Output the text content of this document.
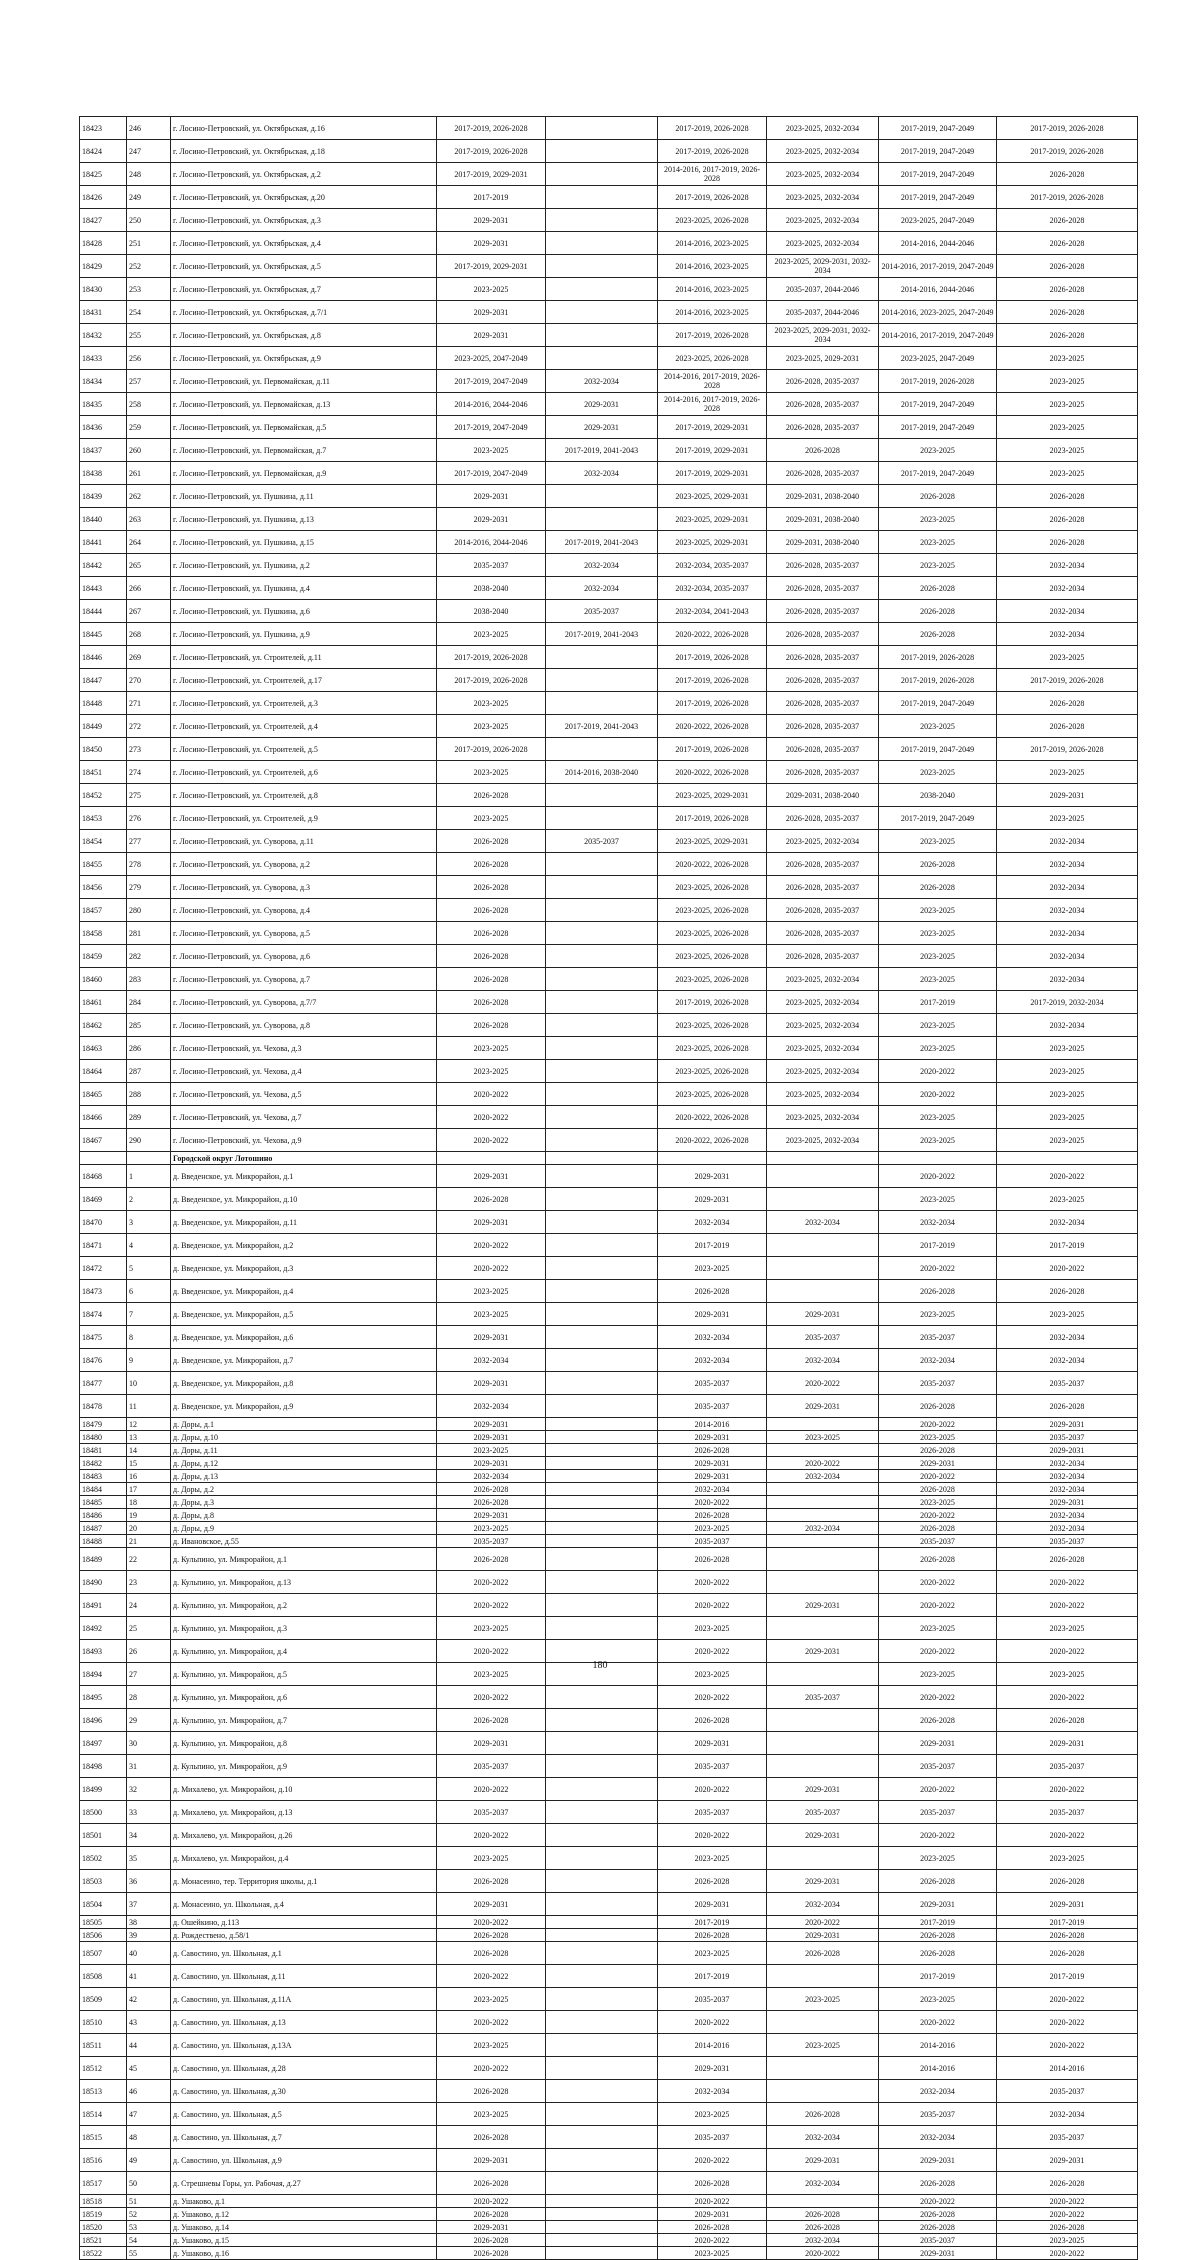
18423	246	г. Лосино-Петровский, ул. Октябрьская, д.16	2017-2019, 2026-2028		2017-2019, 2026-2028	2023-2025, 2032-2034	2017-2019, 2047-2049	2017-2019, 2026-2028
18424	247	г. Лосино-Петровский, ул. Октябрьская, д.18	2017-2019, 2026-2028		2017-2019, 2026-2028	2023-2025, 2032-2034	2017-2019, 2047-2049	2017-2019, 2026-2028
18425	248	г. Лосино-Петровский, ул. Октябрьская, д.2	2017-2019, 2029-2031		2014-2016, 2017-2019, 2026-2028	2023-2025, 2032-2034	2017-2019, 2047-2049	2026-2028
18426	249	г. Лосино-Петровский, ул. Октябрьская, д.20	2017-2019		2017-2019, 2026-2028	2023-2025, 2032-2034	2017-2019, 2047-2049	2017-2019, 2026-2028
18427	250	г. Лосино-Петровский, ул. Октябрьская, д.3	2029-2031		2023-2025, 2026-2028	2023-2025, 2032-2034	2023-2025, 2047-2049	2026-2028
18428	251	г. Лосино-Петровский, ул. Октябрьская, д.4	2029-2031		2014-2016, 2023-2025	2023-2025, 2032-2034	2014-2016, 2044-2046	2026-2028
18429	252	г. Лосино-Петровский, ул. Октябрьская, д.5	2017-2019, 2029-2031		2014-2016, 2023-2025	2023-2025, 2029-2031, 2032-2034	2014-2016, 2017-2019, 2047-2049	2026-2028
18430	253	г. Лосино-Петровский, ул. Октябрьская, д.7	2023-2025		2014-2016, 2023-2025	2035-2037, 2044-2046	2014-2016, 2044-2046	2026-2028
18431	254	г. Лосино-Петровский, ул. Октябрьская, д.7/1	2029-2031		2014-2016, 2023-2025	2035-2037, 2044-2046	2014-2016, 2023-2025, 2047-2049	2026-2028
18432	255	г. Лосино-Петровский, ул. Октябрьская, д.8	2029-2031		2017-2019, 2026-2028	2023-2025, 2029-2031, 2032-2034	2014-2016, 2017-2019, 2047-2049	2026-2028
18433	256	г. Лосино-Петровский, ул. Октябрьская, д.9	2023-2025, 2047-2049		2023-2025, 2026-2028	2023-2025, 2029-2031	2023-2025, 2047-2049	2023-2025
18434	257	г. Лосино-Петровский, ул. Первомайская, д.11	2017-2019, 2047-2049	2032-2034	2014-2016, 2017-2019, 2026-2028	2026-2028, 2035-2037	2017-2019, 2026-2028	2023-2025
18435	258	г. Лосино-Петровский, ул. Первомайская, д.13	2014-2016, 2044-2046	2029-2031	2014-2016, 2017-2019, 2026-2028	2026-2028, 2035-2037	2017-2019, 2047-2049	2023-2025
18436	259	г. Лосино-Петровский, ул. Первомайская, д.5	2017-2019, 2047-2049	2029-2031	2017-2019, 2029-2031	2026-2028, 2035-2037	2017-2019, 2047-2049	2023-2025
18437	260	г. Лосино-Петровский, ул. Первомайская, д.7	2023-2025	2017-2019, 2041-2043	2017-2019, 2029-2031	2026-2028	2023-2025	2023-2025
18438	261	г. Лосино-Петровский, ул. Первомайская, д.9	2017-2019, 2047-2049	2032-2034	2017-2019, 2029-2031	2026-2028, 2035-2037	2017-2019, 2047-2049	2023-2025
18439	262	г. Лосино-Петровский, ул. Пушкина, д.11	2029-2031		2023-2025, 2029-2031	2029-2031, 2038-2040	2026-2028	2026-2028
18440	263	г. Лосино-Петровский, ул. Пушкина, д.13	2029-2031		2023-2025, 2029-2031	2029-2031, 2038-2040	2023-2025	2026-2028
18441	264	г. Лосино-Петровский, ул. Пушкина, д.15	2014-2016, 2044-2046	2017-2019, 2041-2043	2023-2025, 2029-2031	2029-2031, 2038-2040	2023-2025	2026-2028
18442	265	г. Лосино-Петровский, ул. Пушкина, д.2	2035-2037	2032-2034	2032-2034, 2035-2037	2026-2028, 2035-2037	2023-2025	2032-2034
18443	266	г. Лосино-Петровский, ул. Пушкина, д.4	2038-2040	2032-2034	2032-2034, 2035-2037	2026-2028, 2035-2037	2026-2028	2032-2034
18444	267	г. Лосино-Петровский, ул. Пушкина, д.6	2038-2040	2035-2037	2032-2034, 2041-2043	2026-2028, 2035-2037	2026-2028	2032-2034
18445	268	г. Лосино-Петровский, ул. Пушкина, д.9	2023-2025	2017-2019, 2041-2043	2020-2022, 2026-2028	2026-2028, 2035-2037	2026-2028	2032-2034
18446	269	г. Лосино-Петровский, ул. Строителей, д.11	2017-2019, 2026-2028		2017-2019, 2026-2028	2026-2028, 2035-2037	2017-2019, 2026-2028	2023-2025
18447	270	г. Лосино-Петровский, ул. Строителей, д.17	2017-2019, 2026-2028		2017-2019, 2026-2028	2026-2028, 2035-2037	2017-2019, 2026-2028	2017-2019, 2026-2028
18448	271	г. Лосино-Петровский, ул. Строителей, д.3	2023-2025		2017-2019, 2026-2028	2026-2028, 2035-2037	2017-2019, 2047-2049	2026-2028
18449	272	г. Лосино-Петровский, ул. Строителей, д.4	2023-2025	2017-2019, 2041-2043	2020-2022, 2026-2028	2026-2028, 2035-2037	2023-2025	2026-2028
18450	273	г. Лосино-Петровский, ул. Строителей, д.5	2017-2019, 2026-2028		2017-2019, 2026-2028	2026-2028, 2035-2037	2017-2019, 2047-2049	2017-2019, 2026-2028
18451	274	г. Лосино-Петровский, ул. Строителей, д.6	2023-2025	2014-2016, 2038-2040	2020-2022, 2026-2028	2026-2028, 2035-2037	2023-2025	2023-2025
18452	275	г. Лосино-Петровский, ул. Строителей, д.8	2026-2028		2023-2025, 2029-2031	2029-2031, 2038-2040	2038-2040	2029-2031
18453	276	г. Лосино-Петровский, ул. Строителей, д.9	2023-2025		2017-2019, 2026-2028	2026-2028, 2035-2037	2017-2019, 2047-2049	2023-2025
18454	277	г. Лосино-Петровский, ул. Суворова, д.11	2026-2028	2035-2037	2023-2025, 2029-2031	2023-2025, 2032-2034	2023-2025	2032-2034
18455	278	г. Лосино-Петровский, ул. Суворова, д.2	2026-2028		2020-2022, 2026-2028	2026-2028, 2035-2037	2026-2028	2032-2034
18456	279	г. Лосино-Петровский, ул. Суворова, д.3	2026-2028		2023-2025, 2026-2028	2026-2028, 2035-2037	2026-2028	2032-2034
18457	280	г. Лосино-Петровский, ул. Суворова, д.4	2026-2028		2023-2025, 2026-2028	2026-2028, 2035-2037	2023-2025	2032-2034
18458	281	г. Лосино-Петровский, ул. Суворова, д.5	2026-2028		2023-2025, 2026-2028	2026-2028, 2035-2037	2023-2025	2032-2034
18459	282	г. Лосино-Петровский, ул. Суворова, д.6	2026-2028		2023-2025, 2026-2028	2026-2028, 2035-2037	2023-2025	2032-2034
18460	283	г. Лосино-Петровский, ул. Суворова, д.7	2026-2028		2023-2025, 2026-2028	2023-2025, 2032-2034	2023-2025	2032-2034
18461	284	г. Лосино-Петровский, ул. Суворова, д.7/7	2026-2028		2017-2019, 2026-2028	2023-2025, 2032-2034	2017-2019	2017-2019, 2032-2034
18462	285	г. Лосино-Петровский, ул. Суворова, д.8	2026-2028		2023-2025, 2026-2028	2023-2025, 2032-2034	2023-2025	2032-2034
18463	286	г. Лосино-Петровский, ул. Чехова, д.3	2023-2025		2023-2025, 2026-2028	2023-2025, 2032-2034	2023-2025	2023-2025
18464	287	г. Лосино-Петровский, ул. Чехова, д.4	2023-2025		2023-2025, 2026-2028	2023-2025, 2032-2034	2020-2022	2023-2025
18465	288	г. Лосино-Петровский, ул. Чехова, д.5	2020-2022		2023-2025, 2026-2028	2023-2025, 2032-2034	2020-2022	2023-2025
18466	289	г. Лосино-Петровский, ул. Чехова, д.7	2020-2022		2020-2022, 2026-2028	2023-2025, 2032-2034	2023-2025	2023-2025
18467	290	г. Лосино-Петровский, ул. Чехова, д.9	2020-2022		2020-2022, 2026-2028	2023-2025, 2032-2034	2023-2025	2023-2025
		Городской округ Лотошино						
18468	1	д. Введенское, ул. Микрорайон, д.1	2029-2031		2029-2031		2020-2022	2020-2022
18469	2	д. Введенское, ул. Микрорайон, д.10	2026-2028		2029-2031		2023-2025	2023-2025
18470	3	д. Введенское, ул. Микрорайон, д.11	2029-2031		2032-2034	2032-2034	2032-2034	2032-2034
18471	4	д. Введенское, ул. Микрорайон, д.2	2020-2022		2017-2019		2017-2019	2017-2019
18472	5	д. Введенское, ул. Микрорайон, д.3	2020-2022		2023-2025		2020-2022	2020-2022
18473	6	д. Введенское, ул. Микрорайон, д.4	2023-2025		2026-2028		2026-2028	2026-2028
18474	7	д. Введенское, ул. Микрорайон, д.5	2023-2025		2029-2031	2029-2031	2023-2025	2023-2025
18475	8	д. Введенское, ул. Микрорайон, д.6	2029-2031		2032-2034	2035-2037	2035-2037	2032-2034
18476	9	д. Введенское, ул. Микрорайон, д.7	2032-2034		2032-2034	2032-2034	2032-2034	2032-2034
18477	10	д. Введенское, ул. Микрорайон, д.8	2029-2031		2035-2037	2020-2022	2035-2037	2035-2037
18478	11	д. Введенское, ул. Микрорайон, д.9	2032-2034		2035-2037	2029-2031	2026-2028	2026-2028
18479	12	д. Доры, д.1	2029-2031		2014-2016		2020-2022	2029-2031
18480	13	д. Доры, д.10	2029-2031		2029-2031	2023-2025	2023-2025	2035-2037
18481	14	д. Доры, д.11	2023-2025		2026-2028		2026-2028	2029-2031
18482	15	д. Доры, д.12	2029-2031		2029-2031	2020-2022	2029-2031	2032-2034
18483	16	д. Доры, д.13	2032-2034		2029-2031	2032-2034	2020-2022	2032-2034
18484	17	д. Доры, д.2	2026-2028		2032-2034		2026-2028	2032-2034
18485	18	д. Доры, д.3	2026-2028		2020-2022		2023-2025	2029-2031
18486	19	д. Доры, д.8	2029-2031		2026-2028		2020-2022	2032-2034
18487	20	д. Доры, д.9	2023-2025		2023-2025	2032-2034	2026-2028	2032-2034
18488	21	д. Ивановское, д.55	2035-2037		2035-2037		2035-2037	2035-2037
18489	22	д. Кульпино, ул. Микрорайон, д.1	2026-2028		2026-2028		2026-2028	2026-2028
18490	23	д. Кульпино, ул. Микрорайон, д.13	2020-2022		2020-2022		2020-2022	2020-2022
18491	24	д. Кульпино, ул. Микрорайон, д.2	2020-2022		2020-2022	2029-2031	2020-2022	2020-2022
18492	25	д. Кульпино, ул. Микрорайон, д.3	2023-2025		2023-2025		2023-2025	2023-2025
18493	26	д. Кульпино, ул. Микрорайон, д.4	2020-2022		2020-2022	2029-2031	2020-2022	2020-2022
18494	27	д. Кульпино, ул. Микрорайон, д.5	2023-2025		2023-2025		2023-2025	2023-2025
18495	28	д. Кульпино, ул. Микрорайон, д.6	2020-2022		2020-2022	2035-2037	2020-2022	2020-2022
18496	29	д. Кульпино, ул. Микрорайон, д.7	2026-2028		2026-2028		2026-2028	2026-2028
18497	30	д. Кульпино, ул. Микрорайон, д.8	2029-2031		2029-2031		2029-2031	2029-2031
18498	31	д. Кульпино, ул. Микрорайон, д.9	2035-2037		2035-2037		2035-2037	2035-2037
18499	32	д. Михалево, ул. Микрорайон, д.10	2020-2022		2020-2022	2029-2031	2020-2022	2020-2022
18500	33	д. Михалево, ул. Микрорайон, д.13	2035-2037		2035-2037	2035-2037	2035-2037	2035-2037
18501	34	д. Михалево, ул. Микрорайон, д.26	2020-2022		2020-2022	2029-2031	2020-2022	2020-2022
18502	35	д. Михалево, ул. Микрорайон, д.4	2023-2025		2023-2025		2023-2025	2023-2025
18503	36	д. Монасеино, тер. Территория школы, д.1	2026-2028		2026-2028	2029-2031	2026-2028	2026-2028
18504	37	д. Монасеино, ул. Школьная, д.4	2029-2031		2029-2031	2032-2034	2029-2031	2029-2031
18505	38	д. Ошейкино, д.113	2020-2022		2017-2019	2020-2022	2017-2019	2017-2019
18506	39	д. Рождествено, д.58/1	2026-2028		2026-2028	2029-2031	2026-2028	2026-2028
18507	40	д. Савостино, ул. Школьная, д.1	2026-2028		2023-2025	2026-2028	2026-2028	2026-2028
18508	41	д. Савостино, ул. Школьная, д.11	2020-2022		2017-2019		2017-2019	2017-2019
18509	42	д. Савостино, ул. Школьная, д.11А	2023-2025		2035-2037	2023-2025	2023-2025	2020-2022
18510	43	д. Савостино, ул. Школьная, д.13	2020-2022		2020-2022		2020-2022	2020-2022
18511	44	д. Савостино, ул. Школьная, д.13А	2023-2025		2014-2016	2023-2025	2014-2016	2020-2022
18512	45	д. Савостино, ул. Школьная, д.28	2020-2022		2029-2031		2014-2016	2014-2016
18513	46	д. Савостино, ул. Школьная, д.30	2026-2028		2032-2034		2032-2034	2035-2037
18514	47	д. Савостино, ул. Школьная, д.5	2023-2025		2023-2025	2026-2028	2035-2037	2032-2034
18515	48	д. Савостино, ул. Школьная, д.7	2026-2028		2035-2037	2032-2034	2032-2034	2035-2037
18516	49	д. Савостино, ул. Школьная, д.9	2029-2031		2020-2022	2029-2031	2029-2031	2029-2031
18517	50	д. Стрешневы Горы, ул. Рабочая, д.27	2026-2028		2026-2028	2032-2034	2026-2028	2026-2028
18518	51	д. Ушаково, д.1	2020-2022		2020-2022		2020-2022	2020-2022
18519	52	д. Ушаково, д.12	2026-2028		2029-2031	2026-2028	2026-2028	2020-2022
18520	53	д. Ушаково, д.14	2029-2031		2026-2028	2026-2028	2026-2028	2026-2028
18521	54	д. Ушаково, д.15	2026-2028		2020-2022	2032-2034	2035-2037	2023-2025
18522	55	д. Ушаково, д.16	2026-2028		2023-2025	2020-2022	2029-2031	2020-2022
180
